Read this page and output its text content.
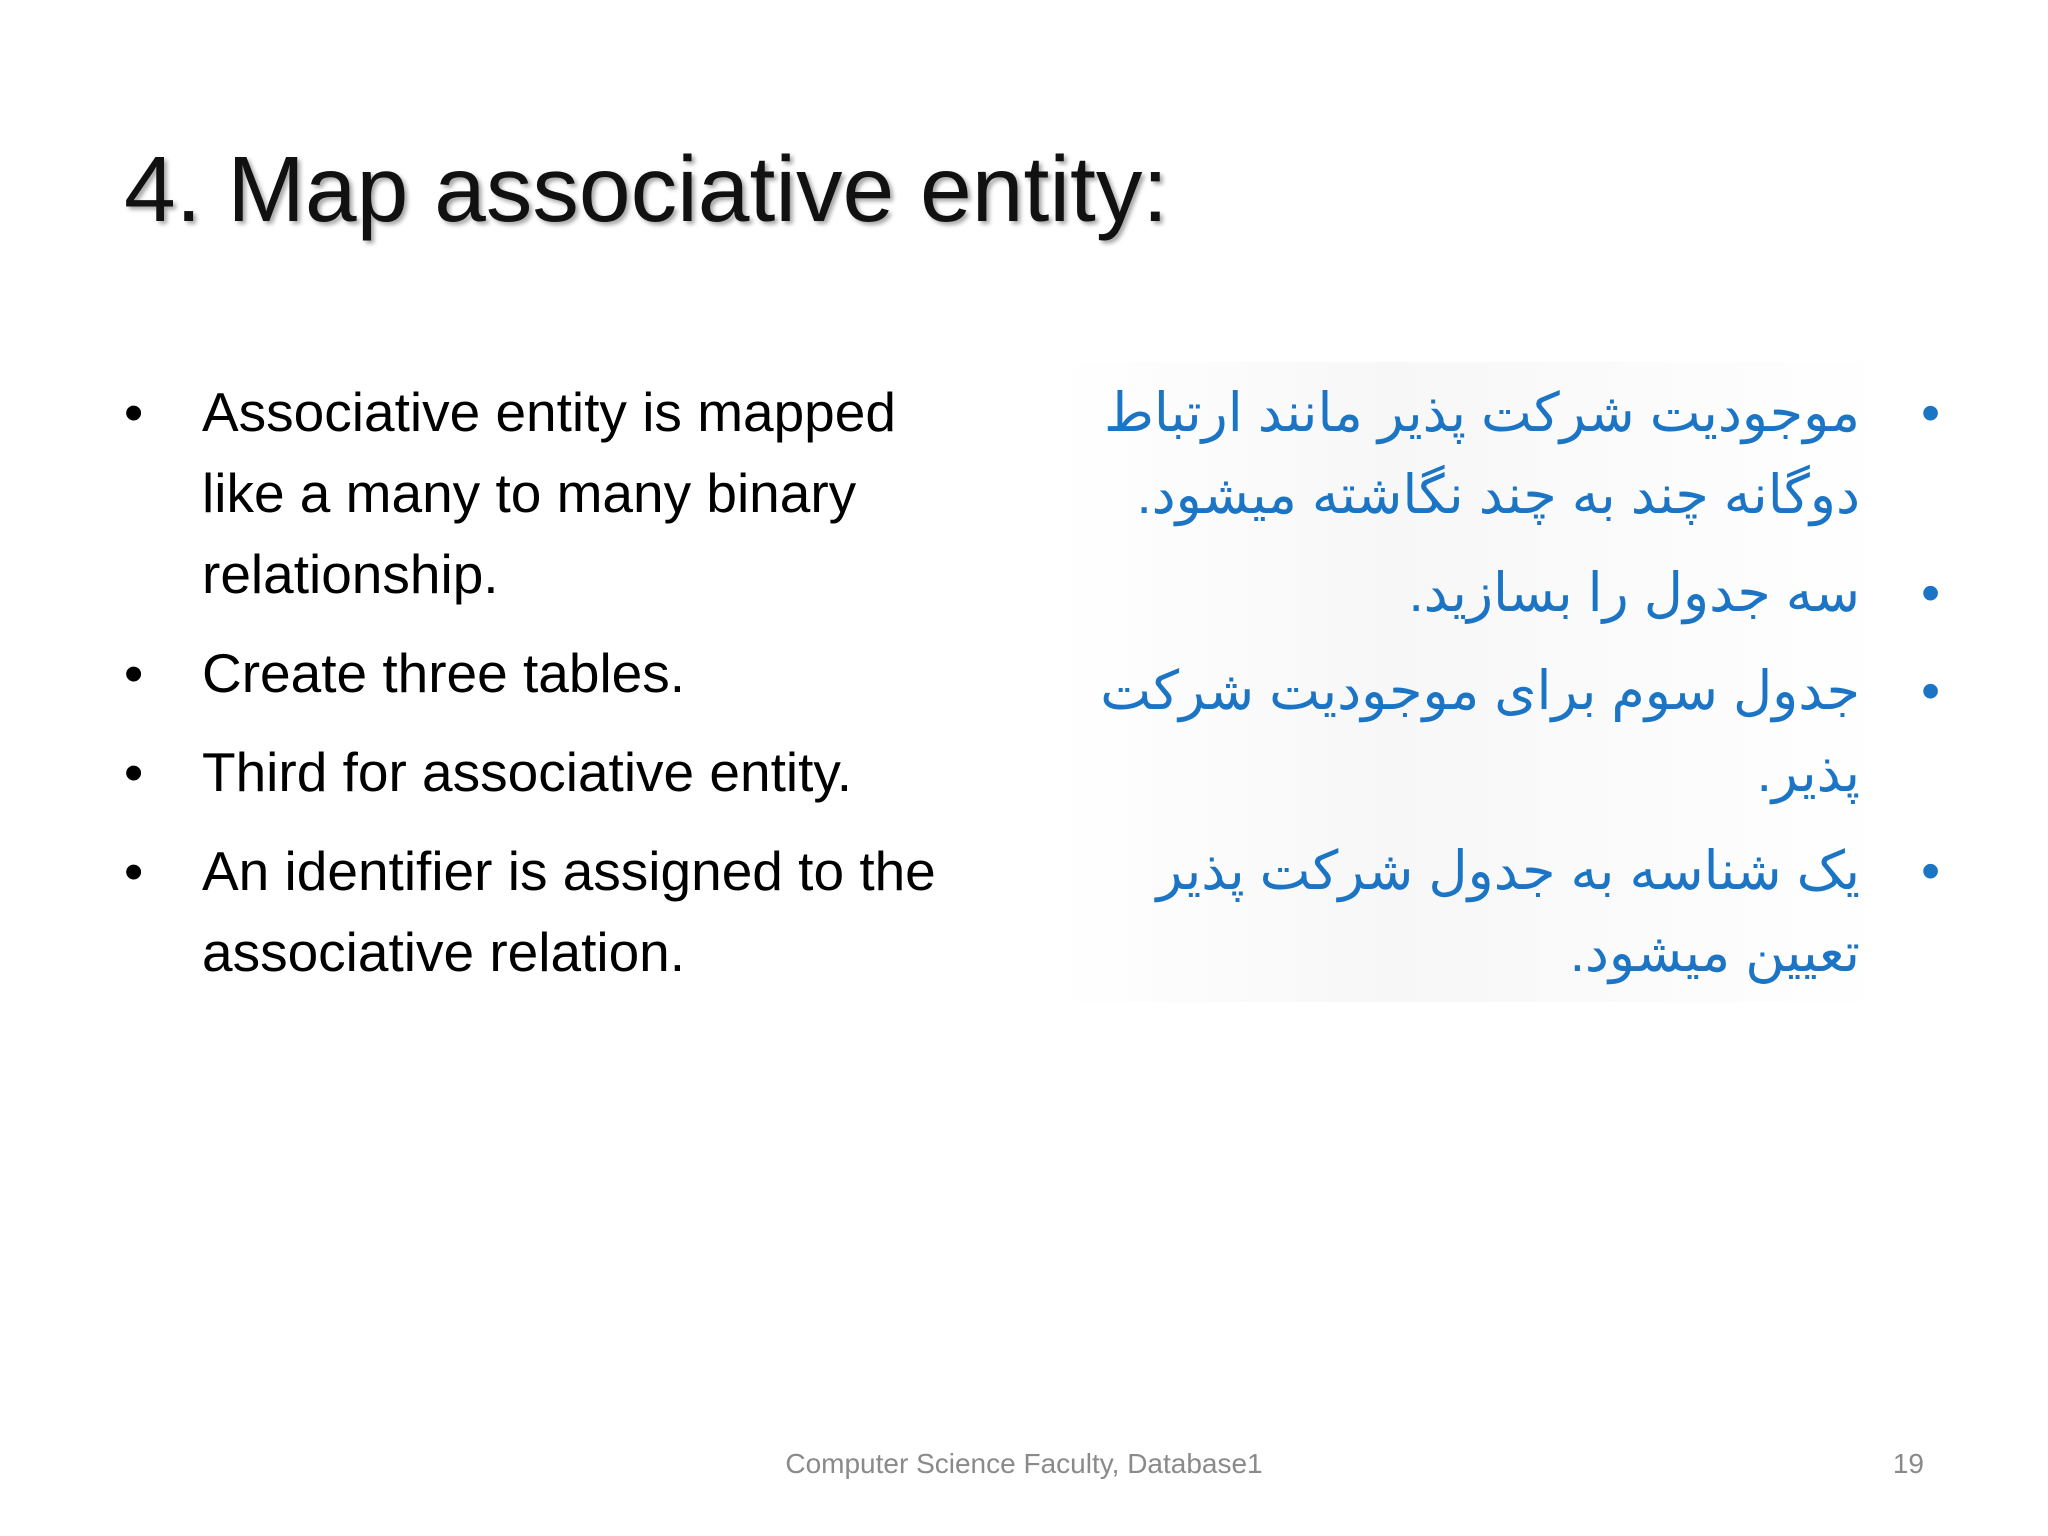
4. Map associative entity:
•	Associative entity is mapped like a many to many binary relationship.
•	Create three tables.
•	Third for associative entity.
•	An identifier is assigned to the associative relation.
•
موجودیت شرکت پذیر مانند ارتباط دوگانه چند به چند نگاشته میشود.
•
سه جدول را بسازید.
•
جدول سوم برای موجودیت شرکت پذیر.
•
یک شناسه به جدول شرکت پذیر تعیین میشود.
Computer Science Faculty, Database1	19
